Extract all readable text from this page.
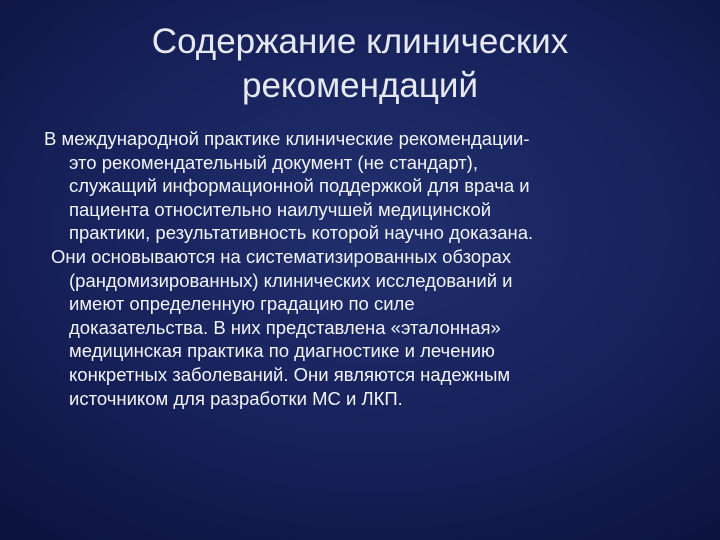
Содержание клинических
рекомендаций
В международной практике клинические рекомендации-
это рекомендательный документ (не стандарт),
служащий информационной поддержкой для врача и
пациента относительно наилучшей медицинской
практики, результативность которой научно доказана.
Они основываются на систематизированных обзорах
(рандомизированных) клинических исследований и
имеют определенную градацию по силе
доказательства. В них представлена «эталонная»
медицинская практика по диагностике и лечению
конкретных заболеваний. Они являются надежным
источником для разработки МС и ЛКП.
